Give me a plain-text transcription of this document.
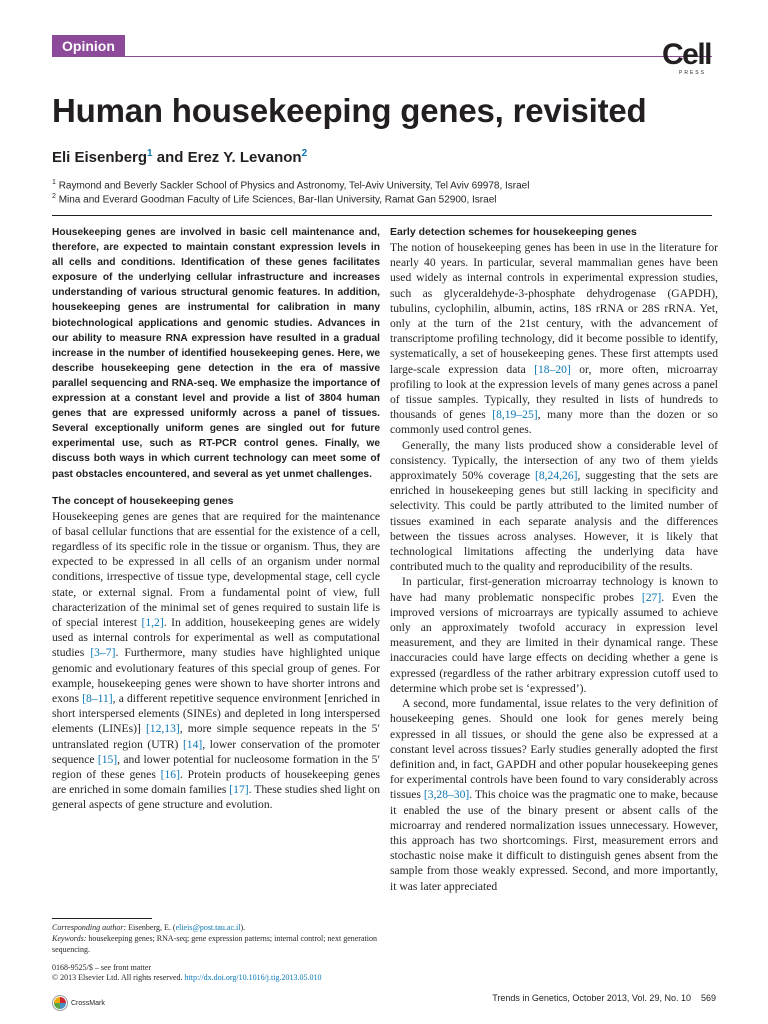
Opinion	Cell
PRESS
Human housekeeping genes, revisited
Eli Eisenberg$^1$ and Erez Y. Levanon$^2$
$^1$ Raymond and Beverly Sackler School of Physics and Astronomy, Tel-Aviv University, Tel Aviv 69978, Israel
$^2$ Mina and Everard Goodman Faculty of Life Sciences, Bar-Ilan University, Ramat Gan 52900, Israel

Housekeeping genes are involved in basic cell maintenance and, therefore, are expected to maintain constant expression levels in all cells and conditions. Identification of these genes facilitates exposure of the underlying cellular infrastructure and increases understanding of various structural genomic features. In addition, housekeeping genes are instrumental for calibration in many biotechnological applications and genomic studies. Advances in our ability to measure RNA expression have resulted in a gradual increase in the number of identified housekeeping genes. Here, we describe housekeeping gene detection in the era of massive parallel sequencing and RNA-seq. We emphasize the importance of expression at a constant level and provide a list of 3804 human genes that are expressed uniformly across a panel of tissues. Several exceptionally uniform genes are singled out for future experimental use, such as RT-PCR control genes. Finally, we discuss both ways in which current technology can meet some of past obstacles encountered, and several as yet unmet challenges.

The concept of housekeeping genes

Housekeeping genes are genes that are required for the maintenance of basal cellular functions that are essential for the existence of a cell, regardless of its specific role in the tissue or organism. Thus, they are expected to be expressed in all cells of an organism under normal conditions, irrespective of tissue type, developmental stage, cell cycle state, or external signal. From a fundamental point of view, full characterization of the minimal set of genes required to sustain life is of special interest [1,2]. In addition, housekeeping genes are widely used as internal controls for experimental as well as computational studies [3–7]. Furthermore, many studies have highlighted unique genomic and evolutionary features of this special group of genes. For example, housekeeping genes were shown to have shorter introns and exons [8–11], a different repetitive sequence environment [enriched in short interspersed elements (SINEs) and depleted in long interspersed elements (LINEs)] [12,13], more simple sequence repeats in the 5′ untranslated region (UTR) [14], lower conservation of the promoter sequence [15], and lower potential for nucleosome formation in the 5′ region of these genes [16]. Protein products of housekeeping genes are enriched in some domain families [17]. These studies shed light on general aspects of gene structure and evolution.

Early detection schemes for housekeeping genes

The notion of housekeeping genes has been in use in the literature for nearly 40 years. In particular, several mammalian genes have been used widely as internal controls in experimental expression studies, such as glyceraldehyde-3-phosphate dehydrogenase (GAPDH), tubulins, cyclophilin, albumin, actins, 18S rRNA or 28S rRNA. Yet, only at the turn of the 21st century, with the advancement of transcriptome profiling technology, did it become possible to identify, systematically, a set of housekeeping genes. These first attempts used large-scale expression data [18–20] or, more often, microarray profiling to look at the expression levels of many genes across a panel of tissue samples. Typically, they resulted in lists of hundreds to thousands of genes [8,19–25], many more than the dozen or so commonly used control genes.

Generally, the many lists produced show a considerable level of consistency. Typically, the intersection of any two of them yields approximately 50% coverage [8,24,26], suggesting that the sets are enriched in housekeeping genes but still lacking in specificity and selectivity. This could be partly attributed to the limited number of tissues examined in each separate analysis and the differences between the tissues across analyses. However, it is likely that technological limitations affecting the underlying data have contributed much to the quality and reproducibility of the results.

In particular, first-generation microarray technology is known to have had many problematic nonspecific probes [27]. Even the improved versions of microarrays are typically assumed to achieve only an approximately twofold accuracy in expression level measurement, and they are limited in their dynamical range. These inaccuracies could have large effects on deciding whether a gene is expressed (regardless of the rather arbitrary expression cutoff used to determine which probe set is ‘expressed’).

A second, more fundamental, issue relates to the very definition of housekeeping genes. Should one look for genes merely being expressed in all tissues, or should the gene also be expressed at a constant level across tissues? Early studies generally adopted the first definition and, in fact, GAPDH and other popular housekeeping genes for experimental controls have been found to vary considerably across tissues [3,28–30]. This choice was the pragmatic one to make, because it enabled the use of the binary present or absent calls of the microarray and rendered normalization issues unnecessary. However, this approach has two shortcomings. First, measurement errors and stochastic noise make it difficult to distinguish genes absent from the sample from those weakly expressed. Second, and more importantly, it was later appreciated

Corresponding author: Eisenberg, E. (elieis@post.tau.ac.il).
Keywords: housekeeping genes; RNA-seq; gene expression patterns; internal control; next generation sequencing.
0168-9525/$ – see front matter
© 2013 Elsevier Ltd. All rights reserved. http://dx.doi.org/10.1016/j.tig.2013.05.010
CrossMark	Trends in Genetics, October 2013, Vol. 29, No. 10 569
